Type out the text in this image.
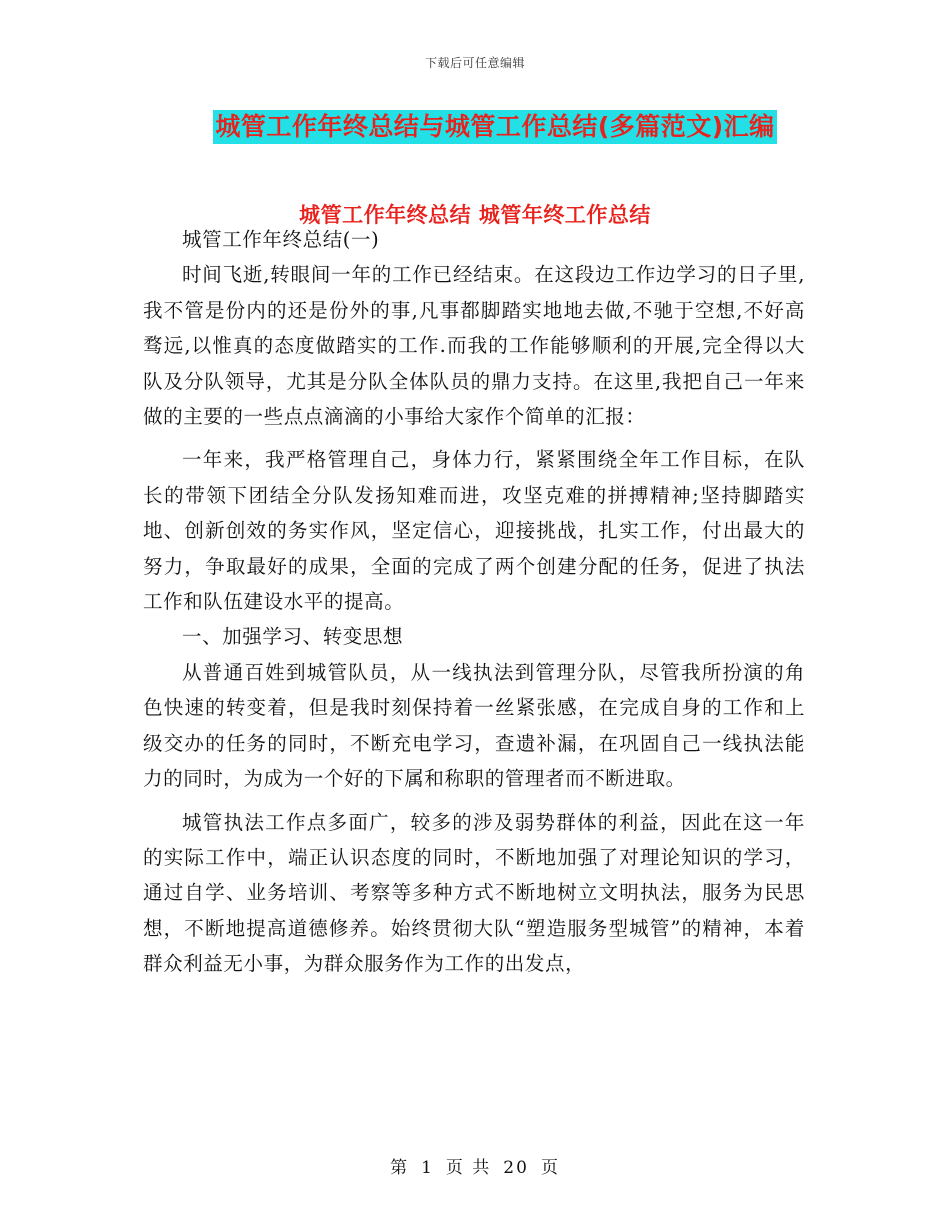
下载后可任意编辑
城管工作年终总结与城管工作总结(多篇范文)汇编
城管工作年终总结 城管年终工作总结

城管工作年终总结(一)

时间飞逝,转眼间一年的工作已经结束。在这段边工作边学习的日子里,我不管是份内的还是份外的事,凡事都脚踏实地地去做,不驰于空想,不好高骛远,以惟真的态度做踏实的工作.而我的工作能够顺利的开展,完全得以大队及分队领导，尤其是分队全体队员的鼎力支持。在这里,我把自己一年来做的主要的一些点点滴滴的小事给大家作个简单的汇报：

一年来，我严格管理自己，身体力行，紧紧围绕全年工作目标，在队长的带领下团结全分队发扬知难而进，攻坚克难的拼搏精神;坚持脚踏实地、创新创效的务实作风，坚定信心，迎接挑战，扎实工作，付出最大的努力，争取最好的成果，全面的完成了两个创建分配的任务，促进了执法工作和队伍建设水平的提高。

一、加强学习、转变思想

从普通百姓到城管队员，从一线执法到管理分队，尽管我所扮演的角色快速的转变着，但是我时刻保持着一丝紧张感，在完成自身的工作和上级交办的任务的同时，不断充电学习，查遗补漏，在巩固自己一线执法能力的同时，为成为一个好的下属和称职的管理者而不断进取。

城管执法工作点多面广，较多的涉及弱势群体的利益，因此在这一年的实际工作中，端正认识态度的同时，不断地加强了对理论知识的学习，通过自学、业务培训、考察等多种方式不断地树立文明执法，服务为民思想，不断地提高道德修养。始终贯彻大队“塑造服务型城管”的精神，本着群众利益无小事，为群众服务作为工作的出发点，

第 1 页 共 20 页
